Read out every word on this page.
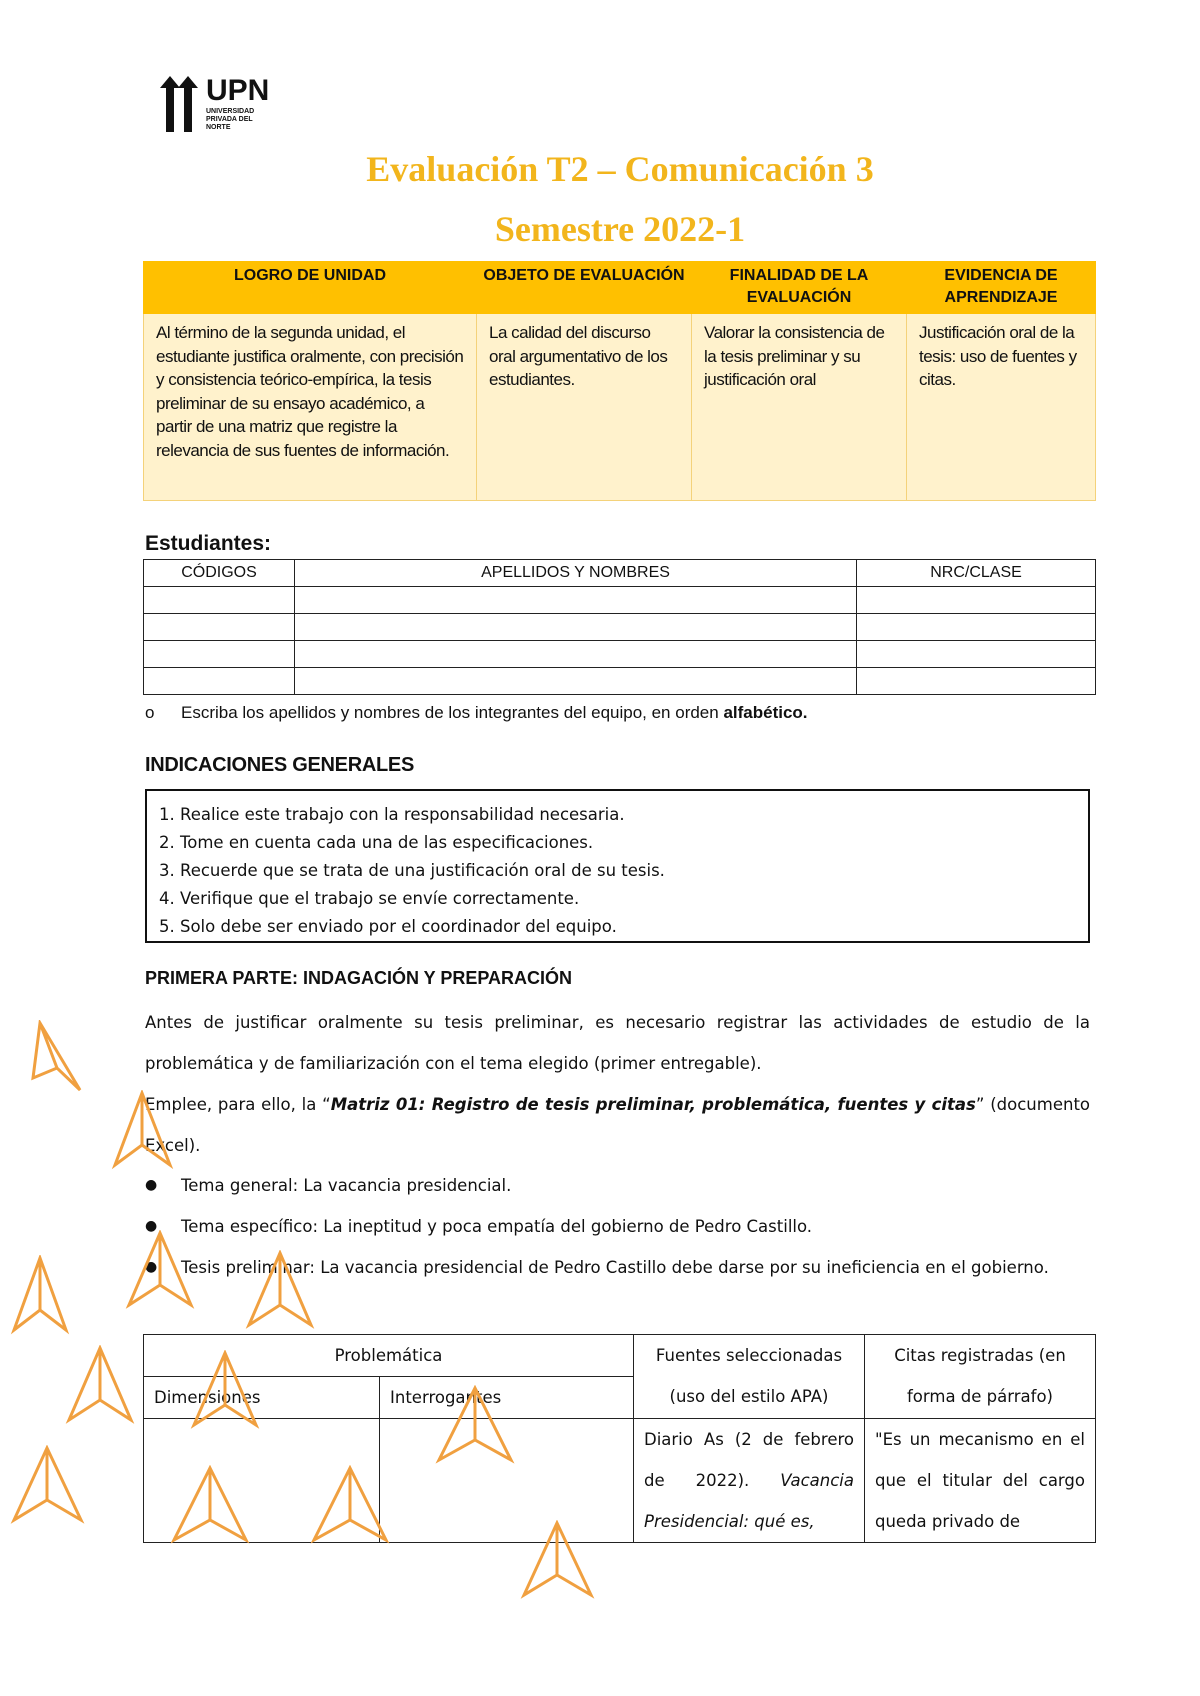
UPN
UNIVERSIDAD PRIVADA DEL NORTE
Evaluación T2 – Comunicación 3
Semestre 2022-1
LOGRO DE UNIDAD	OBJETO DE EVALUACIÓN	FINALIDAD DE LA EVALUACIÓN	EVIDENCIA DE APRENDIZAJE
Al término de la segunda unidad, el estudiante justifica oralmente, con precisión y consistencia teórico-empírica, la tesis preliminar de su ensayo académico, a partir de una matriz que registre la relevancia de sus fuentes de información.	La calidad del discurso oral argumentativo de los estudiantes.	Valorar la consistencia de la tesis preliminar y su justificación oral	Justificación oral de la tesis: uso de fuentes y citas.
Estudiantes:
CÓDIGOS	APELLIDOS Y NOMBRES	NRC/CLASE

o Escriba los apellidos y nombres de los integrantes del equipo, en orden alfabético.
INDICACIONES GENERALES
1. Realice este trabajo con la responsabilidad necesaria.
2. Tome en cuenta cada una de las especificaciones.
3. Recuerde que se trata de una justificación oral de su tesis.
4. Verifique que el trabajo se envíe correctamente.
5. Solo debe ser enviado por el coordinador del equipo.
PRIMERA PARTE: INDAGACIÓN Y PREPARACIÓN
Antes de justificar oralmente su tesis preliminar, es necesario registrar las actividades de estudio de la problemática y de familiarización con el tema elegido (primer entregable).
Emplee, para ello, la “Matriz 01: Registro de tesis preliminar, problemática, fuentes y citas” (documento Excel).
● Tema general: La vacancia presidencial.
● Tema específico: La ineptitud y poca empatía del gobierno de Pedro Castillo.
● Tesis preliminar: La vacancia presidencial de Pedro Castillo debe darse por su ineficiencia en el gobierno.
Problemática		Fuentes seleccionadas (uso del estilo APA)	Citas registradas (en forma de párrafo)
Dimensiones	Interrogantes		
		Diario As (2 de febrero de 2022). Vacancia Presidencial: qué es,	"Es un mecanismo en el que el titular del cargo queda privado de
